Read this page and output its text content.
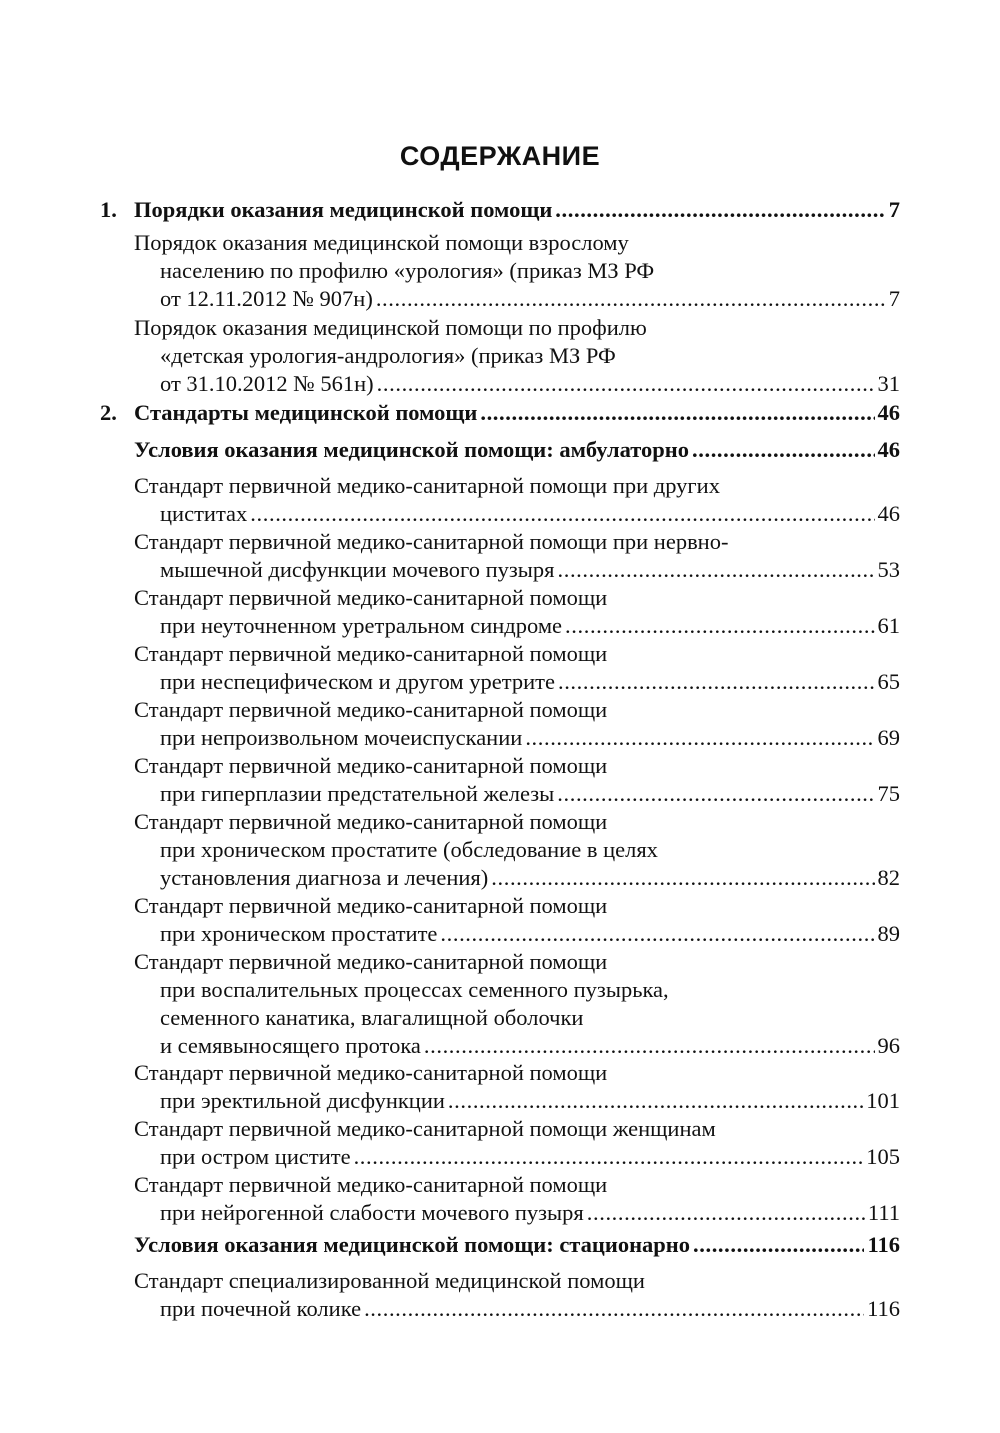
СОДЕРЖАНИЕ
1. Порядки оказания медицинской помощи .....	7
Порядок оказания медицинской помощи взрослому
населению по профилю «урология» (приказ МЗ РФ
от 12.11.2012 № 907н) .....	7
Порядок оказания медицинской помощи по профилю
«детская урология-андрология» (приказ МЗ РФ
от 31.10.2012 № 561н) .....	31
2. Стандарты медицинской помощи .....	46
Условия оказания медицинской помощи: амбулаторно .....	46
Стандарт первичной медико-санитарной помощи при других
циститах .....	46
Стандарт первичной медико-санитарной помощи при нервно-
мышечной дисфункции мочевого пузыря .....	53
Стандарт первичной медико-санитарной помощи
при неуточненном уретральном синдроме .....	61
Стандарт первичной медико-санитарной помощи
при неспецифическом и другом уретрите .....	65
Стандарт первичной медико-санитарной помощи
при непроизвольном мочеиспускании .....	69
Стандарт первичной медико-санитарной помощи
при гиперплазии предстательной железы .....	75
Стандарт первичной медико-санитарной помощи
при хроническом простатите (обследование в целях
установления диагноза и лечения) .....	82
Стандарт первичной медико-санитарной помощи
при хроническом простатите .....	89
Стандарт первичной медико-санитарной помощи
при воспалительных процессах семенного пузырька,
семенного канатика, влагалищной оболочки
и семявыносящего протока .....	96
Стандарт первичной медико-санитарной помощи
при эректильной дисфункции .....	101
Стандарт первичной медико-санитарной помощи женщинам
при остром цистите .....	105
Стандарт первичной медико-санитарной помощи
при нейрогенной слабости мочевого пузыря .....	111
Условия оказания медицинской помощи: стационарно .....	116
Стандарт специализированной медицинской помощи
при почечной колике .....	116
